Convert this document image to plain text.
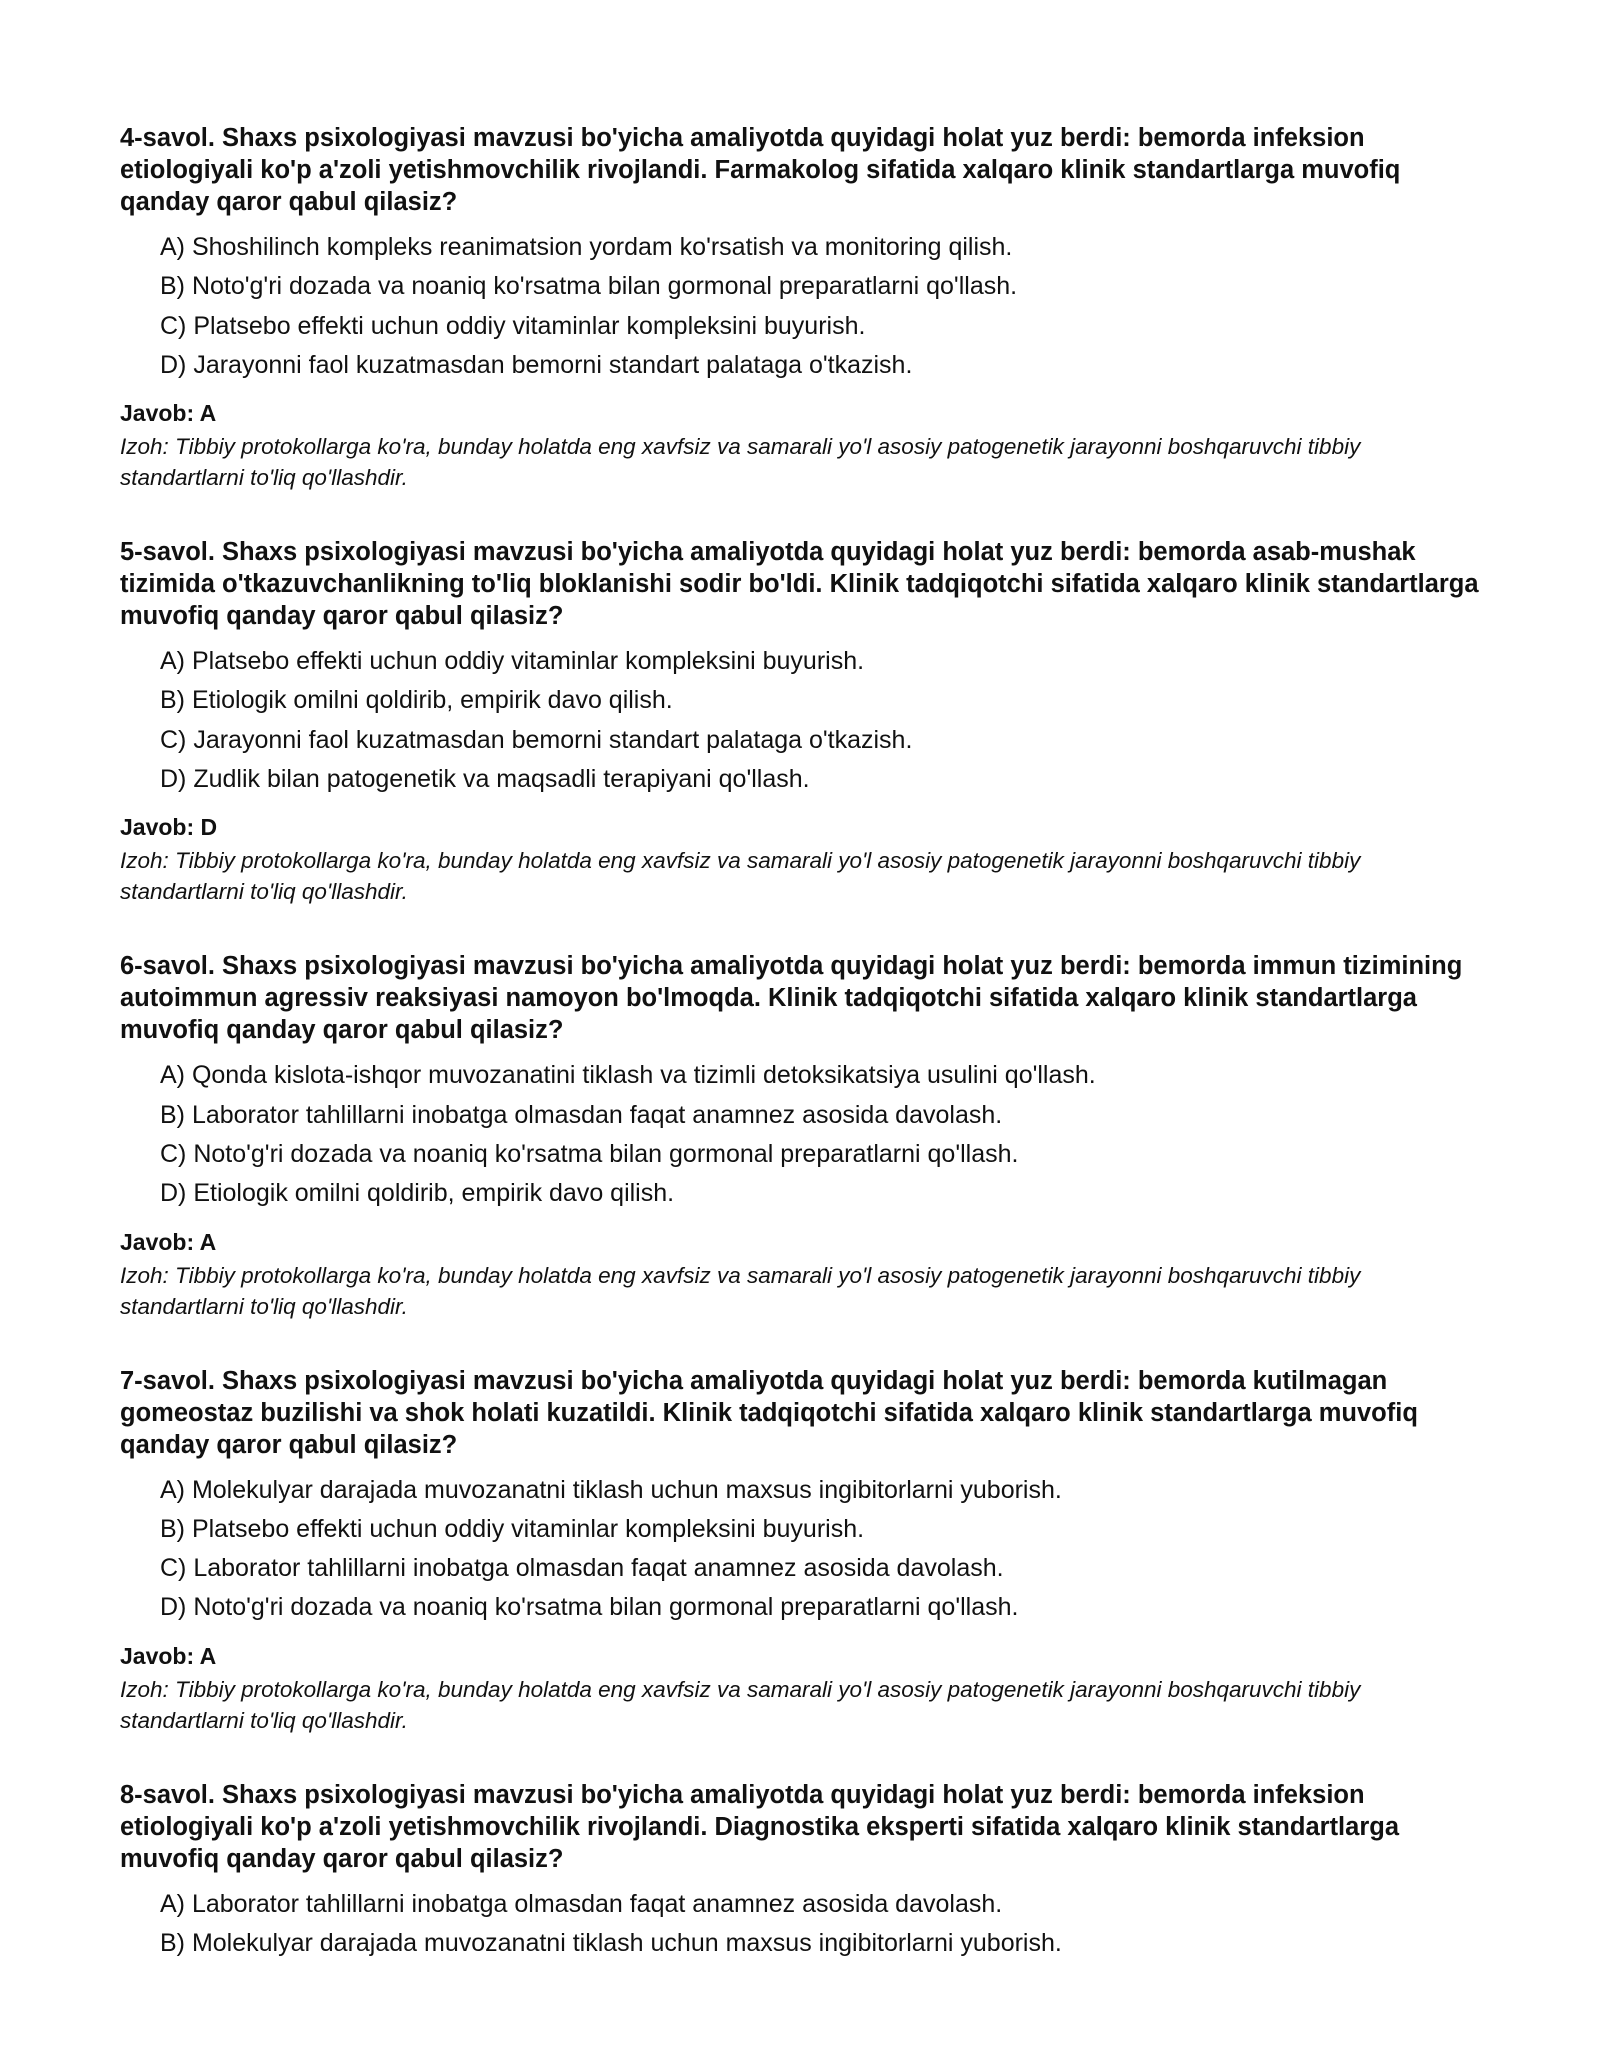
4-savol. Shaxs psixologiyasi mavzusi bo'yicha amaliyotda quyidagi holat yuz berdi: bemorda infeksion etiologiyali ko'p a'zoli yetishmovchilik rivojlandi. Farmakolog sifatida xalqaro klinik standartlarga muvofiq qanday qaror qabul qilasiz?
A) Shoshilinch kompleks reanimatsion yordam ko'rsatish va monitoring qilish.
B) Noto'g'ri dozada va noaniq ko'rsatma bilan gormonal preparatlarni qo'llash.
C) Platsebo effekti uchun oddiy vitaminlar kompleksini buyurish.
D) Jarayonni faol kuzatmasdan bemorni standart palataga o'tkazish.
Javob: A

Izoh: Tibbiy protokollarga ko'ra, bunday holatda eng xavfsiz va samarali yo'l asosiy patogenetik jarayonni boshqaruvchi tibbiy standartlarni to'liq qo'llashdir.

5-savol. Shaxs psixologiyasi mavzusi bo'yicha amaliyotda quyidagi holat yuz berdi: bemorda asab-mushak tizimida o'tkazuvchanlikning to'liq bloklanishi sodir bo'ldi. Klinik tadqiqotchi sifatida xalqaro klinik standartlarga muvofiq qanday qaror qabul qilasiz?
A) Platsebo effekti uchun oddiy vitaminlar kompleksini buyurish.
B) Etiologik omilni qoldirib, empirik davo qilish.
C) Jarayonni faol kuzatmasdan bemorni standart palataga o'tkazish.
D) Zudlik bilan patogenetik va maqsadli terapiyani qo'llash.
Javob: D

Izoh: Tibbiy protokollarga ko'ra, bunday holatda eng xavfsiz va samarali yo'l asosiy patogenetik jarayonni boshqaruvchi tibbiy standartlarni to'liq qo'llashdir.

6-savol. Shaxs psixologiyasi mavzusi bo'yicha amaliyotda quyidagi holat yuz berdi: bemorda immun tizimining autoimmun agressiv reaksiyasi namoyon bo'lmoqda. Klinik tadqiqotchi sifatida xalqaro klinik standartlarga muvofiq qanday qaror qabul qilasiz?
A) Qonda kislota-ishqor muvozanatini tiklash va tizimli detoksikatsiya usulini qo'llash.
B) Laborator tahlillarni inobatga olmasdan faqat anamnez asosida davolash.
C) Noto'g'ri dozada va noaniq ko'rsatma bilan gormonal preparatlarni qo'llash.
D) Etiologik omilni qoldirib, empirik davo qilish.
Javob: A

Izoh: Tibbiy protokollarga ko'ra, bunday holatda eng xavfsiz va samarali yo'l asosiy patogenetik jarayonni boshqaruvchi tibbiy standartlarni to'liq qo'llashdir.

7-savol. Shaxs psixologiyasi mavzusi bo'yicha amaliyotda quyidagi holat yuz berdi: bemorda kutilmagan gomeostaz buzilishi va shok holati kuzatildi. Klinik tadqiqotchi sifatida xalqaro klinik standartlarga muvofiq qanday qaror qabul qilasiz?
A) Molekulyar darajada muvozanatni tiklash uchun maxsus ingibitorlarni yuborish.
B) Platsebo effekti uchun oddiy vitaminlar kompleksini buyurish.
C) Laborator tahlillarni inobatga olmasdan faqat anamnez asosida davolash.
D) Noto'g'ri dozada va noaniq ko'rsatma bilan gormonal preparatlarni qo'llash.
Javob: A

Izoh: Tibbiy protokollarga ko'ra, bunday holatda eng xavfsiz va samarali yo'l asosiy patogenetik jarayonni boshqaruvchi tibbiy standartlarni to'liq qo'llashdir.

8-savol. Shaxs psixologiyasi mavzusi bo'yicha amaliyotda quyidagi holat yuz berdi: bemorda infeksion etiologiyali ko'p a'zoli yetishmovchilik rivojlandi. Diagnostika eksperti sifatida xalqaro klinik standartlarga muvofiq qanday qaror qabul qilasiz?
A) Laborator tahlillarni inobatga olmasdan faqat anamnez asosida davolash.
B) Molekulyar darajada muvozanatni tiklash uchun maxsus ingibitorlarni yuborish.
